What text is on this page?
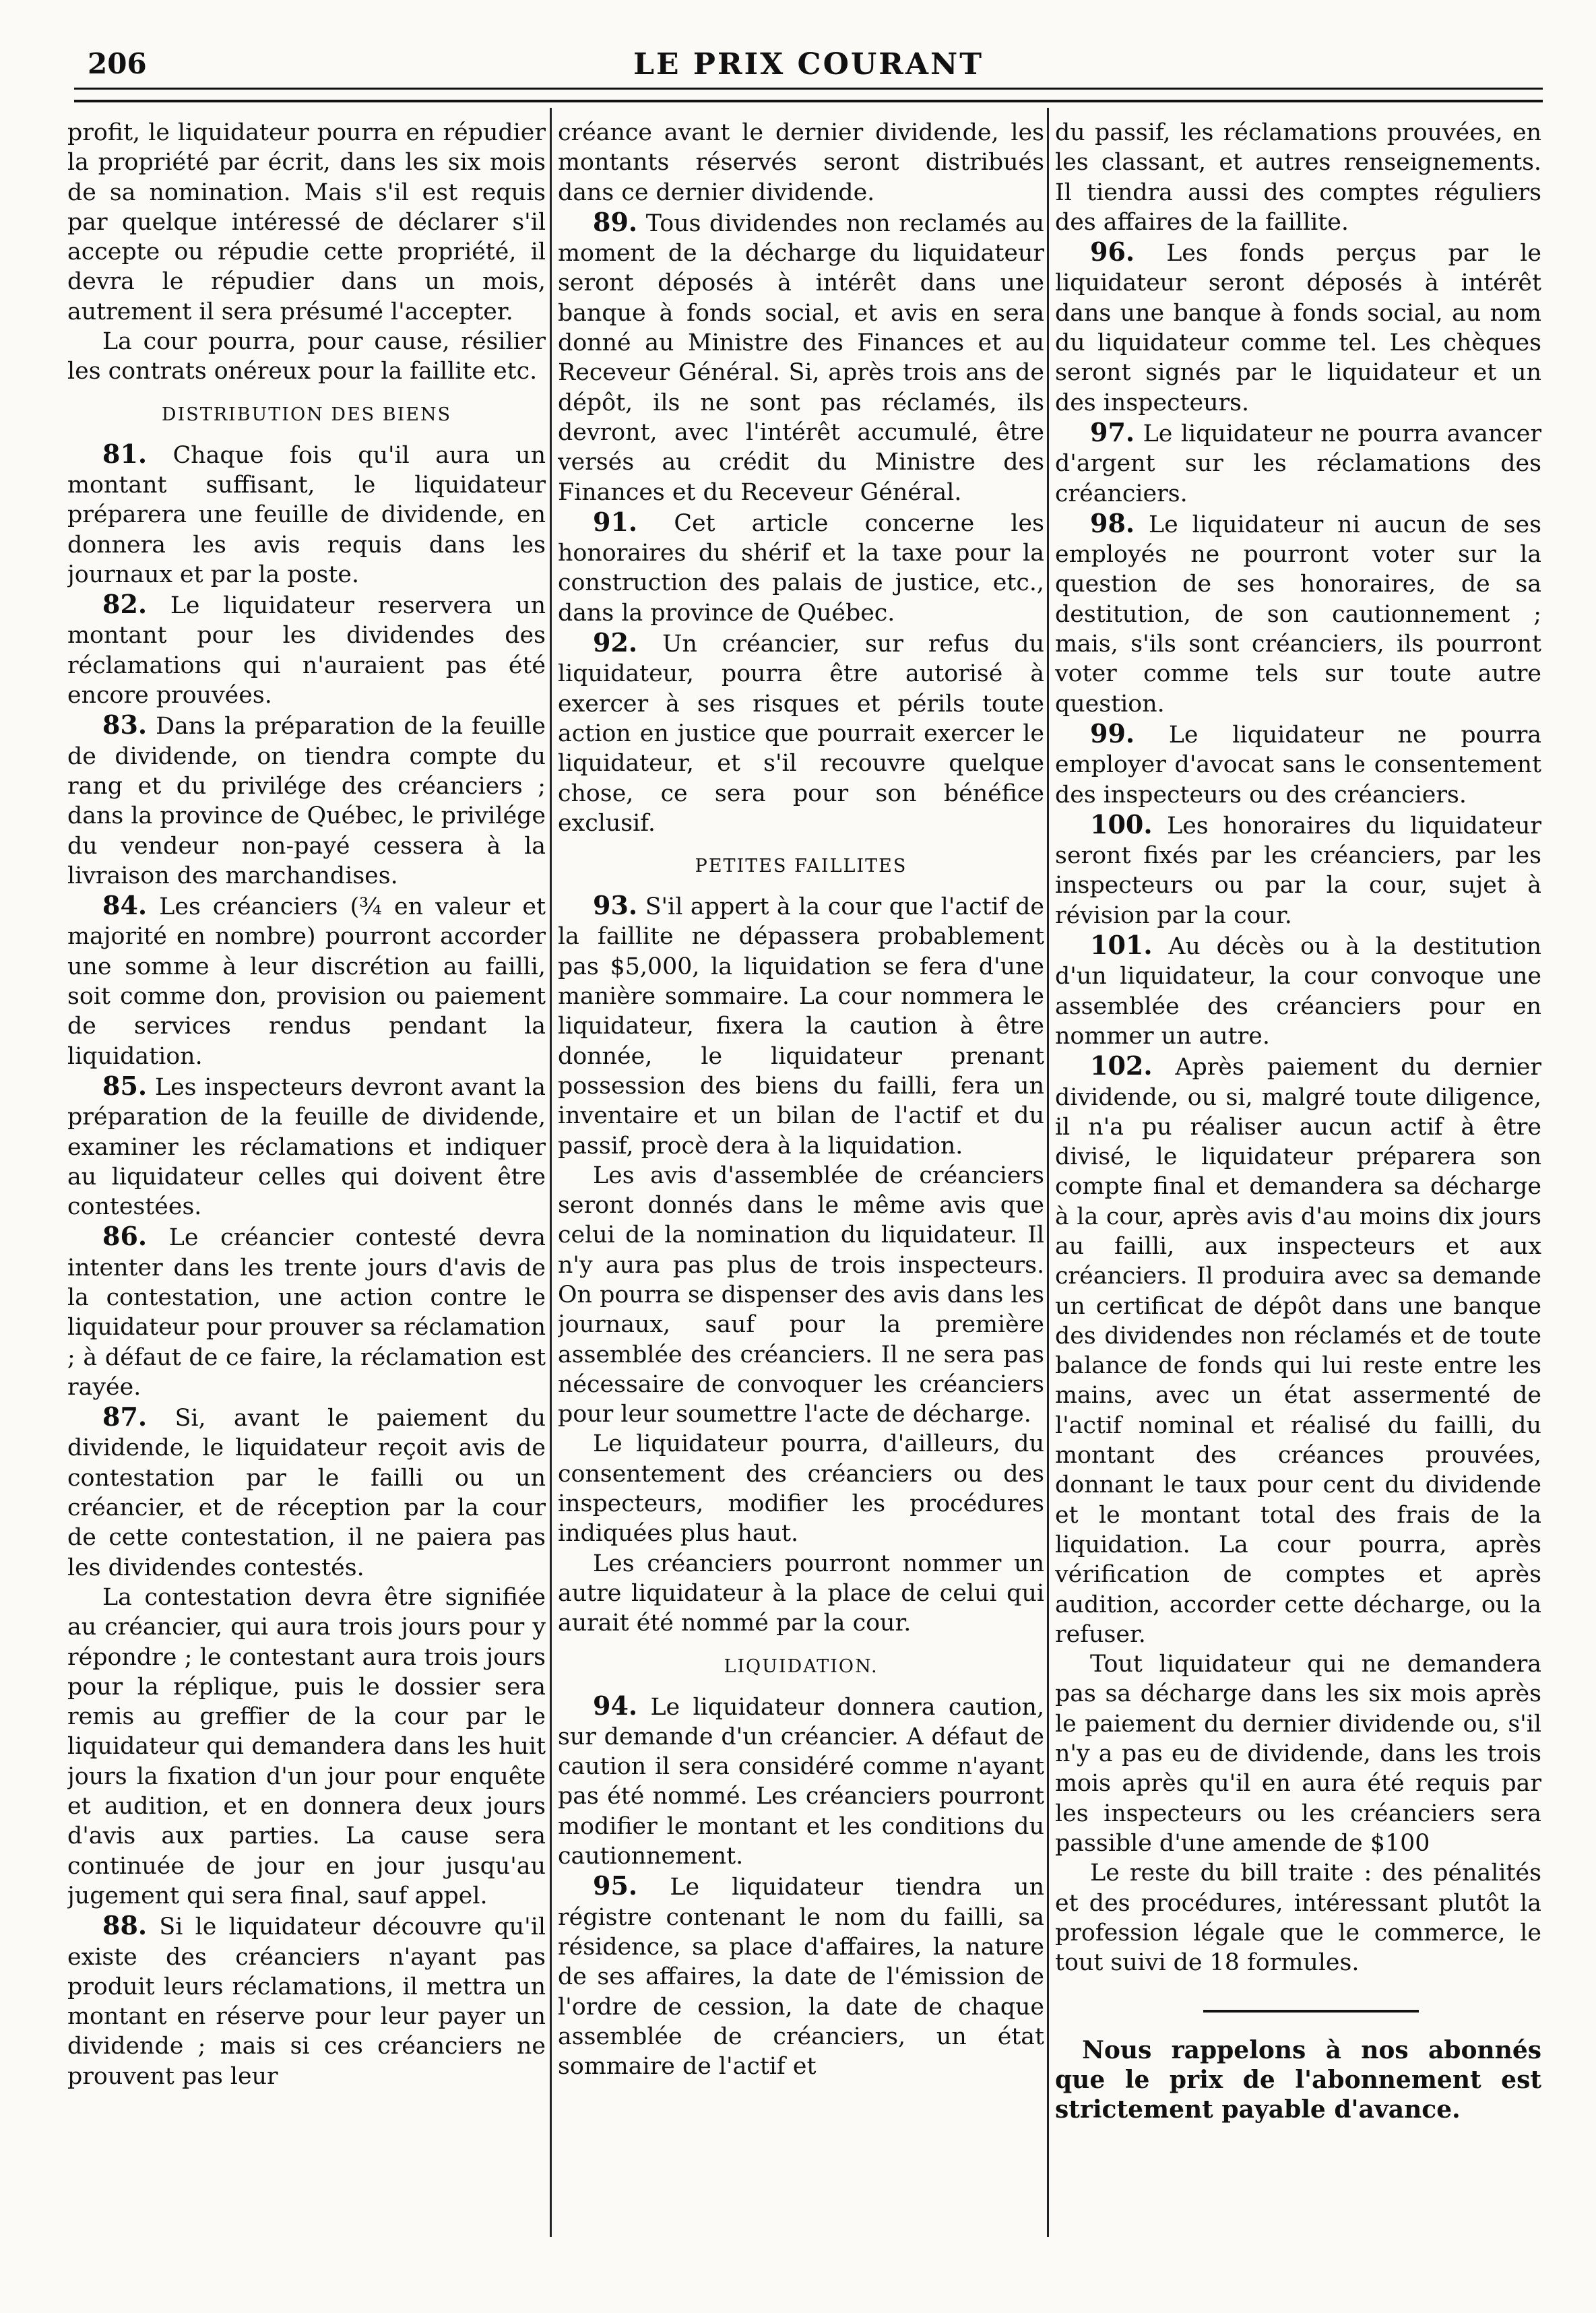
206	LE PRIX COURANT

profit, le liquidateur pourra en répudier la propriété par écrit, dans les six mois de sa nomination. Mais s'il est requis par quelque intéressé de déclarer s'il accepte ou répudie cette propriété, il devra le répudier dans un mois, autrement il sera présumé l'accepter.

La cour pourra, pour cause, résilier les contrats onéreux pour la faillite etc.

DISTRIBUTION DES BIENS

81. Chaque fois qu'il aura un montant suffisant, le liquidateur préparera une feuille de dividende, en donnera les avis requis dans les journaux et par la poste.

82. Le liquidateur reservera un montant pour les dividendes des réclamations qui n'auraient pas été encore prouvées.

83. Dans la préparation de la feuille de dividende, on tiendra compte du rang et du privilége des créanciers ; dans la province de Québec, le privilége du vendeur non-payé cessera à la livraison des marchandises.

84. Les créanciers (¾ en valeur et majorité en nombre) pourront accorder une somme à leur discrétion au failli, soit comme don, provision ou paiement de services rendus pendant la liquidation.

85. Les inspecteurs devront avant la préparation de la feuille de dividende, examiner les réclamations et indiquer au liquidateur celles qui doivent être contestées.

86. Le créancier contesté devra intenter dans les trente jours d'avis de la contestation, une action contre le liquidateur pour prouver sa réclamation ; à défaut de ce faire, la réclamation est rayée.

87. Si, avant le paiement du dividende, le liquidateur reçoit avis de contestation par le failli ou un créancier, et de réception par la cour de cette contestation, il ne paiera pas les dividendes contestés.

La contestation devra être signifiée au créancier, qui aura trois jours pour y répondre ; le contestant aura trois jours pour la réplique, puis le dossier sera remis au greffier de la cour par le liquidateur qui demandera dans les huit jours la fixation d'un jour pour enquête et audition, et en donnera deux jours d'avis aux parties. La cause sera continuée de jour en jour jusqu'au jugement qui sera final, sauf appel.

88. Si le liquidateur découvre qu'il existe des créanciers n'ayant pas produit leurs réclamations, il mettra un montant en réserve pour leur payer un dividende ; mais si ces créanciers ne prouvent pas leur

créance avant le dernier dividende, les montants réservés seront distribués dans ce dernier dividende.

89. Tous dividendes non reclamés au moment de la décharge du liquidateur seront déposés à intérêt dans une banque à fonds social, et avis en sera donné au Ministre des Finances et au Receveur Général. Si, après trois ans de dépôt, ils ne sont pas réclamés, ils devront, avec l'intérêt accumulé, être versés au crédit du Ministre des Finances et du Receveur Général.

91. Cet article concerne les honoraires du shérif et la taxe pour la construction des palais de justice, etc., dans la province de Québec.

92. Un créancier, sur refus du liquidateur, pourra être autorisé à exercer à ses risques et périls toute action en justice que pourrait exercer le liquidateur, et s'il recouvre quelque chose, ce sera pour son bénéfice exclusif.

PETITES FAILLITES

93. S'il appert à la cour que l'actif de la faillite ne dépassera probablement pas $5,000, la liquidation se fera d'une manière sommaire. La cour nommera le liquidateur, fixera la caution à être donnée, le liquidateur prenant possession des biens du failli, fera un inventaire et un bilan de l'actif et du passif, procè dera à la liquidation.

Les avis d'assemblée de créanciers seront donnés dans le même avis que celui de la nomination du liquidateur. Il n'y aura pas plus de trois inspecteurs. On pourra se dispenser des avis dans les journaux, sauf pour la première assemblée des créanciers. Il ne sera pas nécessaire de convoquer les créanciers pour leur soumettre l'acte de décharge.

Le liquidateur pourra, d'ailleurs, du consentement des créanciers ou des inspecteurs, modifier les procédures indiquées plus haut.

Les créanciers pourront nommer un autre liquidateur à la place de celui qui aurait été nommé par la cour.

LIQUIDATION.

94. Le liquidateur donnera caution, sur demande d'un créancier. A défaut de caution il sera considéré comme n'ayant pas été nommé. Les créanciers pourront modifier le montant et les conditions du cautionnement.

95. Le liquidateur tiendra un régistre contenant le nom du failli, sa résidence, sa place d'affaires, la nature de ses affaires, la date de l'émission de l'ordre de cession, la date de chaque assemblée de créanciers, un état sommaire de l'actif et

du passif, les réclamations prouvées, en les classant, et autres renseignements. Il tiendra aussi des comptes réguliers des affaires de la faillite.

96. Les fonds perçus par le liquidateur seront déposés à intérêt dans une banque à fonds social, au nom du liquidateur comme tel. Les chèques seront signés par le liquidateur et un des inspecteurs.

97. Le liquidateur ne pourra avancer d'argent sur les réclamations des créanciers.

98. Le liquidateur ni aucun de ses employés ne pourront voter sur la question de ses honoraires, de sa destitution, de son cautionnement ; mais, s'ils sont créanciers, ils pourront voter comme tels sur toute autre question.

99. Le liquidateur ne pourra employer d'avocat sans le consentement des inspecteurs ou des créanciers.

100. Les honoraires du liquidateur seront fixés par les créanciers, par les inspecteurs ou par la cour, sujet à révision par la cour.

101. Au décès ou à la destitution d'un liquidateur, la cour convoque une assemblée des créanciers pour en nommer un autre.

102. Après paiement du dernier dividende, ou si, malgré toute diligence, il n'a pu réaliser aucun actif à être divisé, le liquidateur préparera son compte final et demandera sa décharge à la cour, après avis d'au moins dix jours au failli, aux inspecteurs et aux créanciers. Il produira avec sa demande un certificat de dépôt dans une banque des dividendes non réclamés et de toute balance de fonds qui lui reste entre les mains, avec un état assermenté de l'actif nominal et réalisé du failli, du montant des créances prouvées, donnant le taux pour cent du dividende et le montant total des frais de la liquidation. La cour pourra, après vérification de comptes et après audition, accorder cette décharge, ou la refuser.

Tout liquidateur qui ne demandera pas sa décharge dans les six mois après le paiement du dernier dividende ou, s'il n'y a pas eu de dividende, dans les trois mois après qu'il en aura été requis par les inspecteurs ou les créanciers sera passible d'une amende de $100

Le reste du bill traite : des pénalités et des procédures, intéressant plutôt la profession légale que le commerce, le tout suivi de 18 formules.

Nous rappelons à nos abonnés que le prix de l'abonnement est strictement payable d'avance.
